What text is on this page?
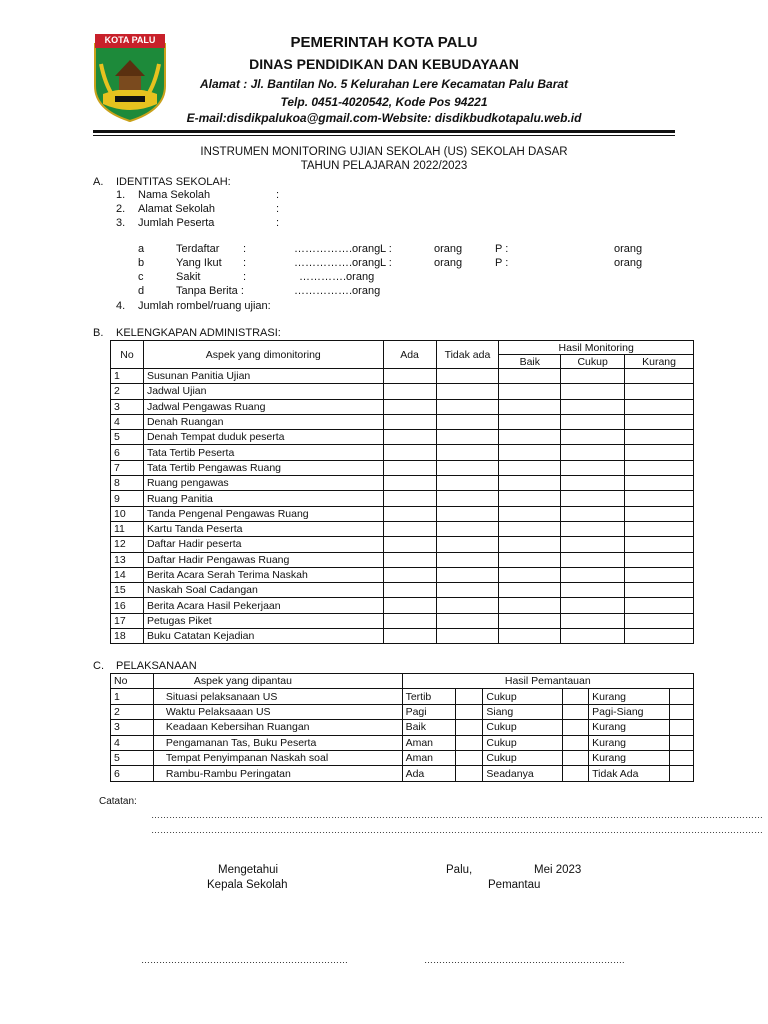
KOTA PALU	PEMERINTAH KOTA PALU
DINAS PENDIDIKAN DAN KEBUDAYAAN
Alamat : Jl. Bantilan No. 5 Kelurahan Lere Kecamatan Palu Barat
Telp. 0451-4020542, Kode Pos 94221
E-mail:disdikpalukoa@gmail.com-Website: disdikbudkotapalu.web.id
INSTRUMEN MONITORING UJIAN SEKOLAH (US) SEKOLAH DASAR
TAHUN PELAJARAN 2022/2023
A. IDENTITAS SEKOLAH:
1. Nama Sekolah	:
2. Alamat Sekolah	:
3. Jumlah Peserta	:
a	Terdaftar :	…………….orang L :	orang	P :	orang
b	Yang Ikut :	…………….orang L :	orang	P :	orang
c	Sakit	:	………….orang
d	Tanpa Berita :	…………….orang
4. Jumlah rombel/ruang ujian:
B. KELENGKAPAN ADMINISTRASI:
No	Aspek yang dimonitoring	Ada	Tidak ada	Hasil Monitoring		
				Baik	Cukup	Kurang
1	Susunan Panitia Ujian					
2	Jadwal Ujian					
3	Jadwal Pengawas Ruang					
4	Denah Ruangan					
5	Denah Tempat duduk peserta					
6	Tata Tertib Peserta					
7	Tata Tertib Pengawas Ruang					
8	Ruang pengawas					
9	Ruang Panitia					
10	Tanda Pengenal Pengawas Ruang					
11	Kartu Tanda Peserta					
12	Daftar Hadir peserta					
13	Daftar Hadir Pengawas Ruang					
14	Berita Acara Serah Terima Naskah					
15	Naskah Soal Cadangan					
16	Berita Acara Hasil Pekerjaan					
17	Petugas Piket					
18	Buku Catatan Kejadian					
C. PELAKSANAAN
No	Aspek yang dipantau	Hasil Pemantauan					
1	Situasi pelaksanaan US	Tertib		Cukup		Kurang	
2	Waktu Pelaksaaan US	Pagi		Siang		Pagi-Siang	
3	Keadaan Kebersihan Ruangan	Baik		Cukup		Kurang	
4	Pengamanan Tas, Buku Peserta	Aman		Cukup		Kurang	
5	Tempat Penyimpanan Naskah soal	Aman		Cukup		Kurang	
6	Rambu-Rambu Peringatan	Ada		Seadanya		Tidak Ada	
Catatan:
……………………………………………………………………………………………………………………………………………………………………………………
……………………………………………………………………………………………………………………………………………………………………………………
Mengetahui
Kepala Sekolah
Palu,	Mei 2023
Pemantau
……………………………………………………………	………………………………………………………….
